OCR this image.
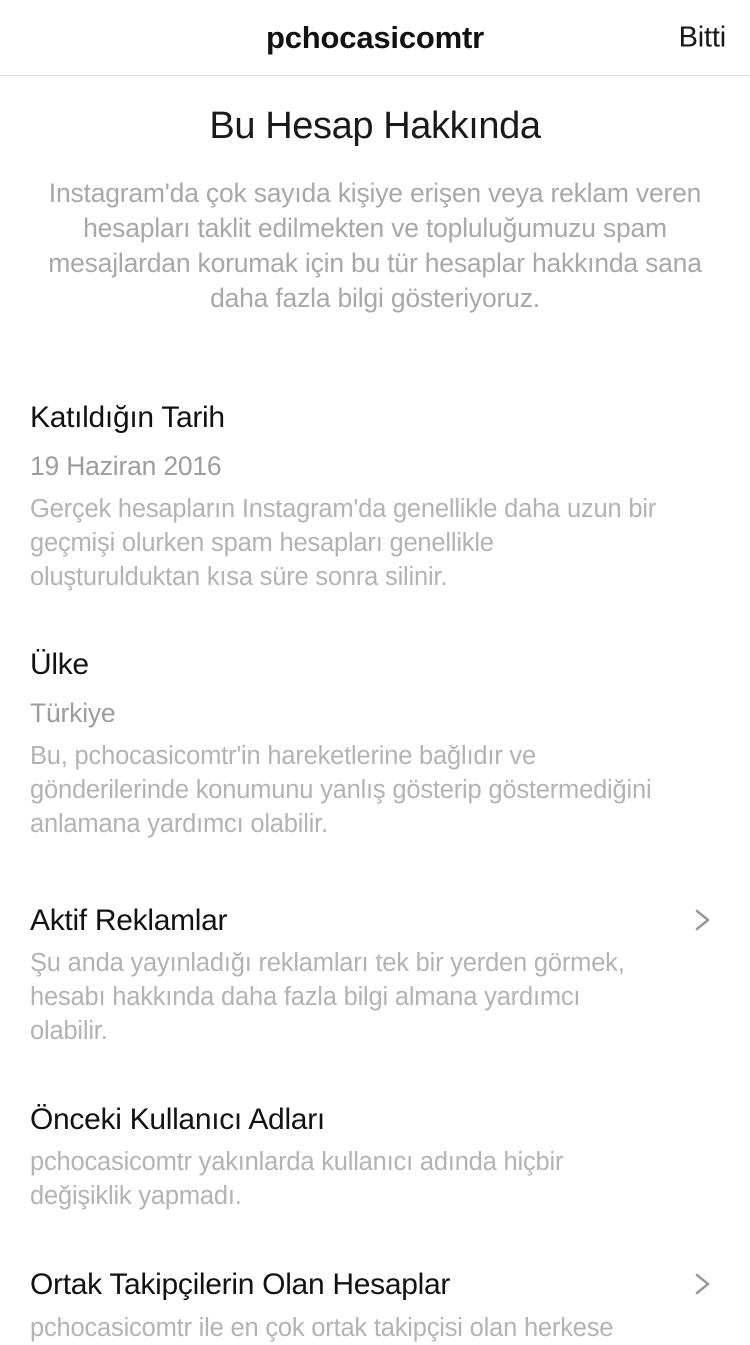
pchocasicomtr	Bitti
Bu Hesap Hakkında
Instagram'da çok sayıda kişiye erişen veya reklam veren hesapları taklit edilmekten ve topluluğumuzu spam mesajlardan korumak için bu tür hesaplar hakkında sana daha fazla bilgi gösteriyoruz.
Katıldığın Tarih
19 Haziran 2016
Gerçek hesapların Instagram'da genellikle daha uzun bir geçmişi olurken spam hesapları genellikle oluşturulduktan kısa süre sonra silinir.
Ülke
Türkiye
Bu, pchocasicomtr'in hareketlerine bağlıdır ve gönderilerinde konumunu yanlış gösterip göstermediğini anlamana yardımcı olabilir.
Aktif Reklamlar
Şu anda yayınladığı reklamları tek bir yerden görmek, hesabı hakkında daha fazla bilgi almana yardımcı olabilir.
Önceki Kullanıcı Adları
pchocasicomtr yakınlarda kullanıcı adında hiçbir değişiklik yapmadı.
Ortak Takipçilerin Olan Hesaplar
pchocasicomtr ile en çok ortak takipçisi olan herkese
